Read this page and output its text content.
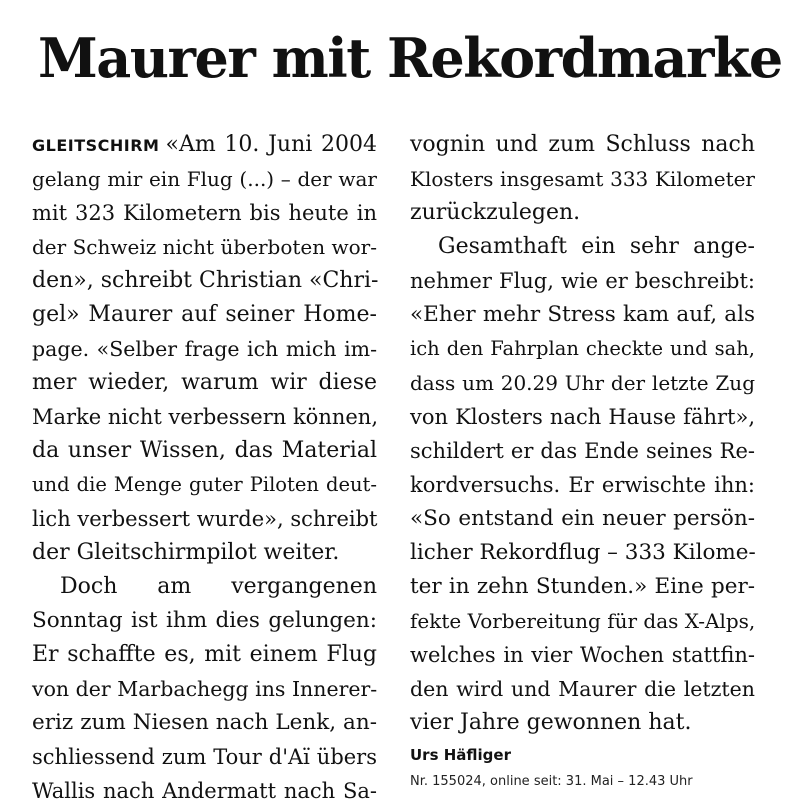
Maurer mit Rekordmarke
GLEITSCHIRM «Am 10. Juni 2004
gelang mir ein Flug (...) – der war
mit 323 Kilometern bis heute in
der Schweiz nicht überboten wor-
den», schreibt Christian «Chri-
gel» Maurer auf seiner Home-
page. «Selber frage ich mich im-
mer wieder, warum wir diese
Marke nicht verbessern können,
da unser Wissen, das Material
und die Menge guter Piloten deut-
lich verbessert wurde», schreibt
der Gleitschirmpilot weiter.
Doch am vergangenen
Sonntag ist ihm dies gelungen:
Er schaffte es, mit einem Flug
von der Marbachegg ins Innerer-
eriz zum Niesen nach Lenk, an-
schliessend zum Tour d'Aï übers
Wallis nach Andermatt nach Sa-
vognin und zum Schluss nach
Klosters insgesamt 333 Kilometer
zurückzulegen.
Gesamthaft ein sehr ange-
nehmer Flug, wie er beschreibt:
«Eher mehr Stress kam auf, als
ich den Fahrplan checkte und sah,
dass um 20.29 Uhr der letzte Zug
von Klosters nach Hause fährt»,
schildert er das Ende seines Re-
kordversuchs. Er erwischte ihn:
«So entstand ein neuer persön-
licher Rekordflug – 333 Kilome-
ter in zehn Stunden.» Eine per-
fekte Vorbereitung für das X-Alps,
welches in vier Wochen stattfin-
den wird und Maurer die letzten
vier Jahre gewonnen hat.
Urs Häfliger
Nr. 155024, online seit: 31. Mai – 12.43 Uhr
